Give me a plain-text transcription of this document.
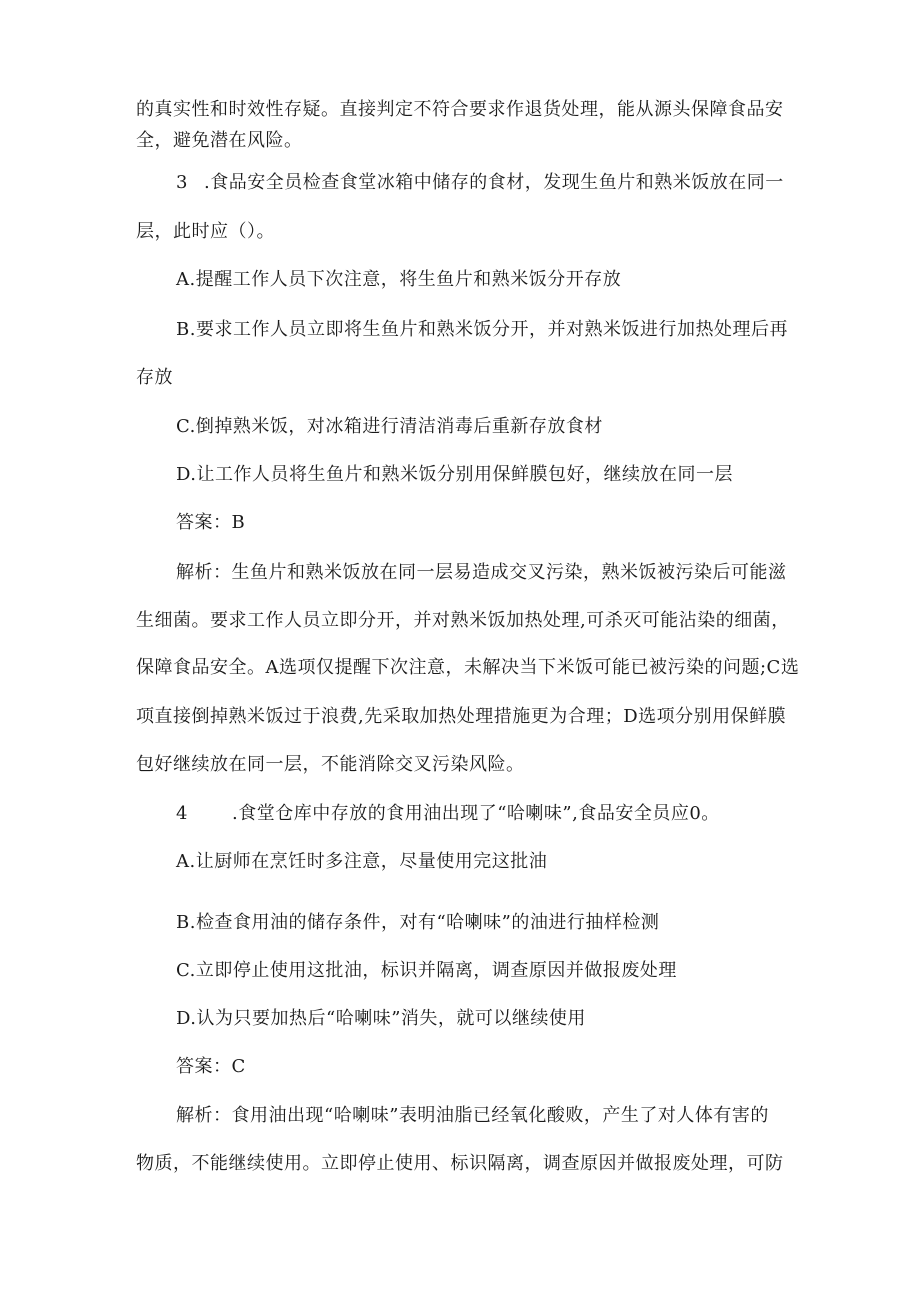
的真实性和时效性存疑。直接判定不符合要求作退货处理，能从源头保障食品安
全，避免潜在风险。
3 .食品安全员检查食堂冰箱中储存的食材，发现生鱼片和熟米饭放在同一
层，此时应（）。
A.提醒工作人员下次注意，将生鱼片和熟米饭分开存放
B.要求工作人员立即将生鱼片和熟米饭分开，并对熟米饭进行加热处理后再
存放
C.倒掉熟米饭，对冰箱进行清洁消毒后重新存放食材
D.让工作人员将生鱼片和熟米饭分别用保鲜膜包好，继续放在同一层
答案：B
解析：生鱼片和熟米饭放在同一层易造成交叉污染，熟米饭被污染后可能滋
生细菌。要求工作人员立即分开，并对熟米饭加热处理,可杀灭可能沾染的细菌，
保障食品安全。A选项仅提醒下次注意，未解决当下米饭可能已被污染的问题;C选
项直接倒掉熟米饭过于浪费,先采取加热处理措施更为合理；D选项分别用保鲜膜
包好继续放在同一层，不能消除交叉污染风险。
4 .食堂仓库中存放的食用油出现了“哈喇味”,食品安全员应0。
A.让厨师在烹饪时多注意，尽量使用完这批油
B.检查食用油的储存条件，对有“哈喇味”的油进行抽样检测
C.立即停止使用这批油，标识并隔离，调查原因并做报废处理
D.认为只要加热后“哈喇味”消失，就可以继续使用
答案：C
解析：食用油出现“哈喇味”表明油脂已经氧化酸败，产生了对人体有害的
物质，不能继续使用。立即停止使用、标识隔离，调查原因并做报废处理，可防
